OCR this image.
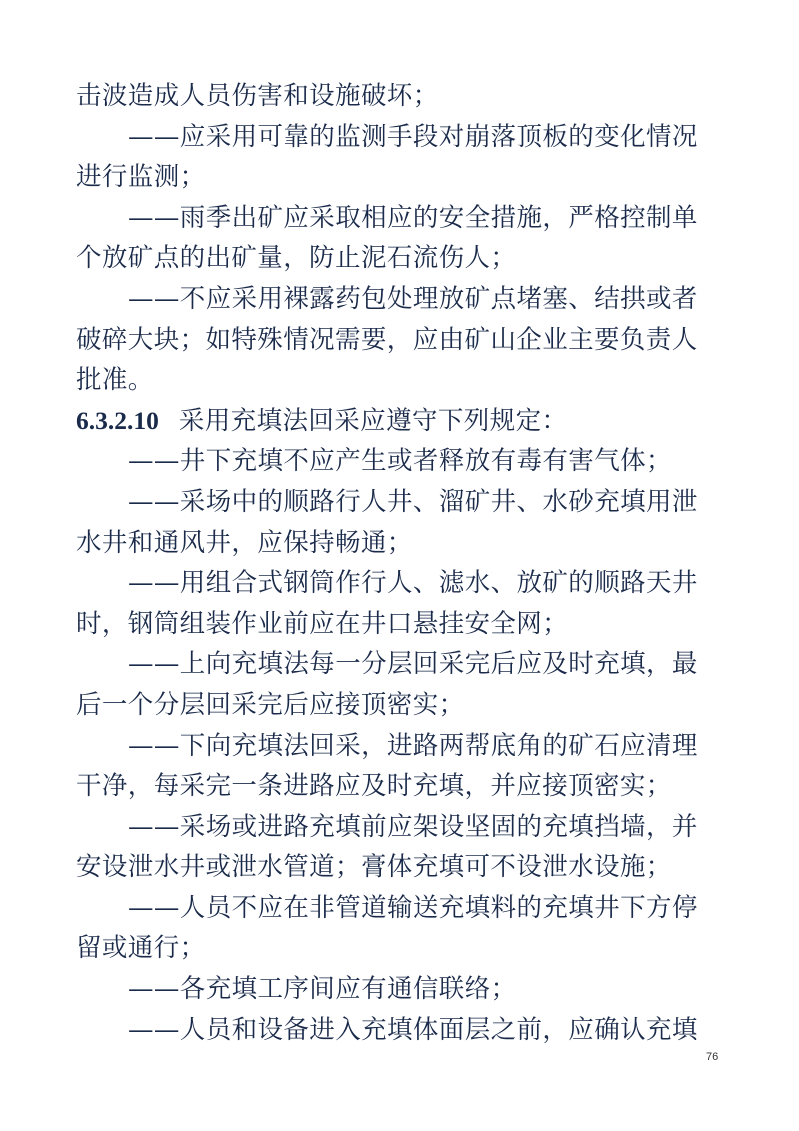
击波造成人员伤害和设施破坏；
——应采用可靠的监测手段对崩落顶板的变化情况
进行监测；
——雨季出矿应采取相应的安全措施，严格控制单
个放矿点的出矿量，防止泥石流伤人；
——不应采用裸露药包处理放矿点堵塞、结拱或者
破碎大块；如特殊情况需要，应由矿山企业主要负责人
批准。
6.3.2.10 采用充填法回采应遵守下列规定：
——井下充填不应产生或者释放有毒有害气体；
——采场中的顺路行人井、溜矿井、水砂充填用泄
水井和通风井，应保持畅通；
——用组合式钢筒作行人、滤水、放矿的顺路天井
时，钢筒组装作业前应在井口悬挂安全网；
——上向充填法每一分层回采完后应及时充填，最
后一个分层回采完后应接顶密实；
——下向充填法回采，进路两帮底角的矿石应清理
干净，每采完一条进路应及时充填，并应接顶密实；
——采场或进路充填前应架设坚固的充填挡墙，并
安设泄水井或泄水管道；膏体充填可不设泄水设施；
——人员不应在非管道输送充填料的充填井下方停
留或通行；
——各充填工序间应有通信联络；
——人员和设备进入充填体面层之前，应确认充填
76
